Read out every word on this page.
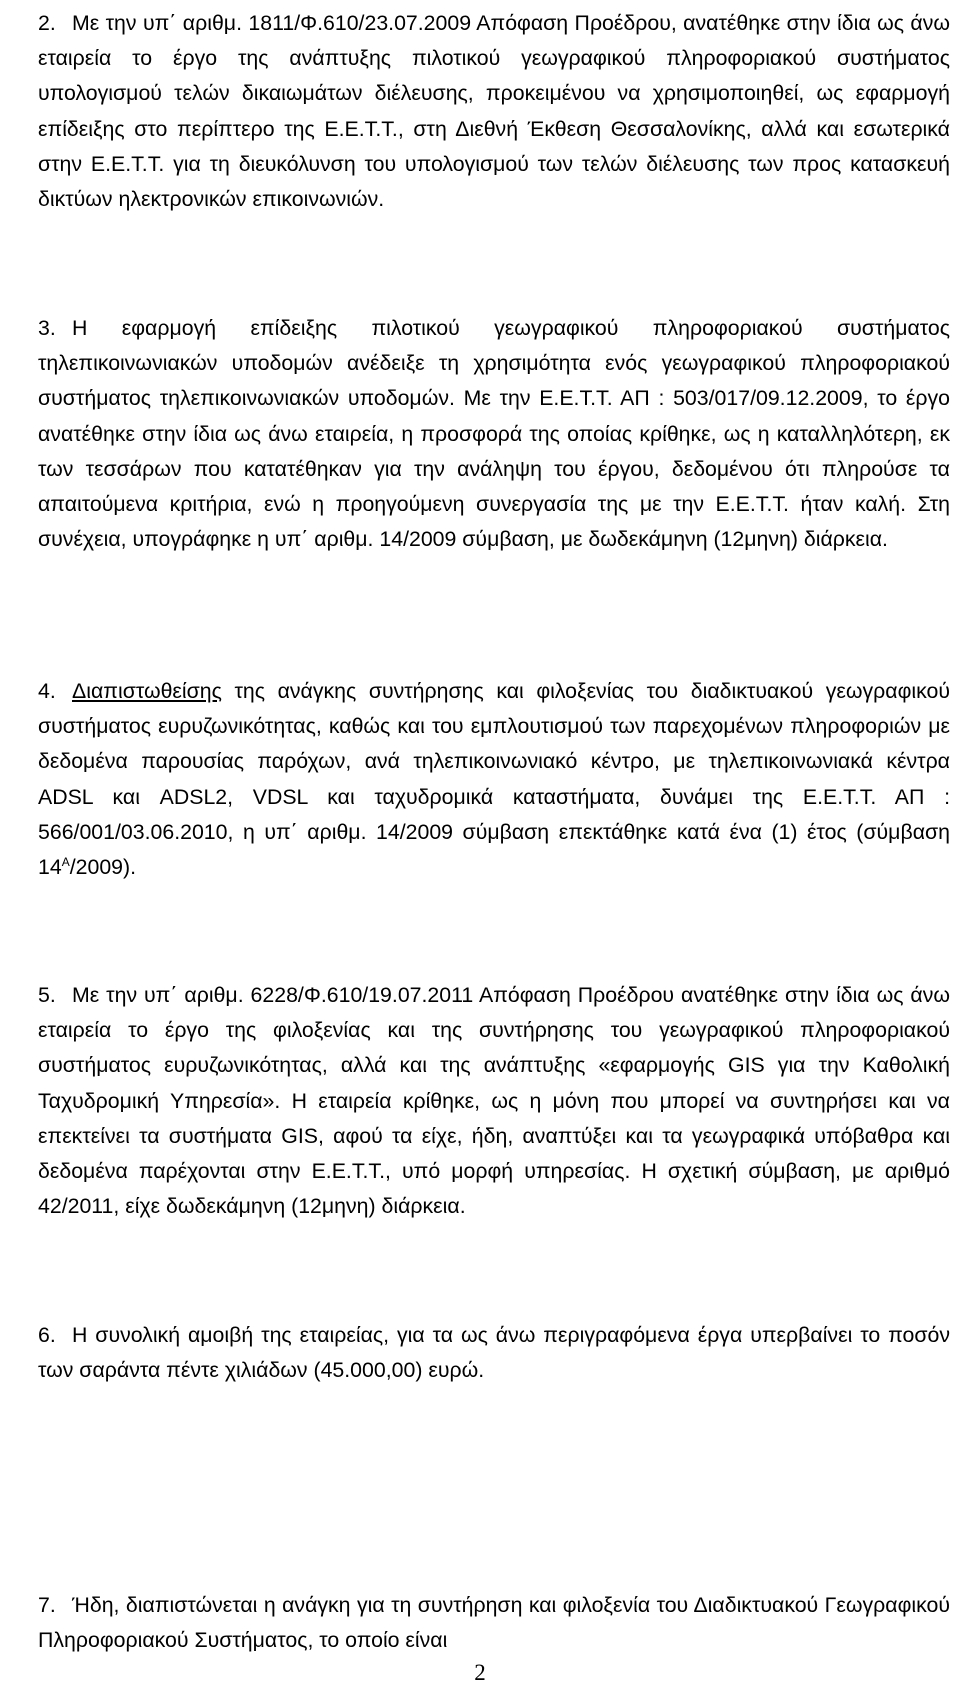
2. Με την υπ΄ αριθμ. 1811/Φ.610/23.07.2009 Απόφαση Προέδρου, ανατέθηκε στην ίδια ως άνω εταιρεία το έργο της ανάπτυξης πιλοτικού γεωγραφικού πληροφοριακού συστήματος υπολογισμού τελών δικαιωμάτων διέλευσης, προκειμένου να χρησιμοποιηθεί, ως εφαρμογή επίδειξης στο περίπτερο της Ε.Ε.Τ.Τ., στη Διεθνή Έκθεση Θεσσαλονίκης, αλλά και εσωτερικά στην Ε.Ε.Τ.Τ. για τη διευκόλυνση του υπολογισμού των τελών διέλευσης των προς κατασκευή δικτύων ηλεκτρονικών επικοινωνιών.

3. Η εφαρμογή επίδειξης πιλοτικού γεωγραφικού πληροφοριακού συστήματος τηλεπικοινωνιακών υποδομών ανέδειξε τη χρησιμότητα ενός γεωγραφικού πληροφοριακού συστήματος τηλεπικοινωνιακών υποδομών. Με την Ε.Ε.Τ.Τ. ΑΠ : 503/017/09.12.2009, το έργο ανατέθηκε στην ίδια ως άνω εταιρεία, η προσφορά της οποίας κρίθηκε, ως η καταλληλότερη, εκ των τεσσάρων που κατατέθηκαν για την ανάληψη του έργου, δεδομένου ότι πληρούσε τα απαιτούμενα κριτήρια, ενώ η προηγούμενη συνεργασία της με την Ε.Ε.Τ.Τ. ήταν καλή. Στη συνέχεια, υπογράφηκε η υπ΄ αριθμ. 14/2009 σύμβαση, με δωδεκάμηνη (12μηνη) διάρκεια.

4. Διαπιστωθείσης της ανάγκης συντήρησης και φιλοξενίας του διαδικτυακού γεωγραφικού συστήματος ευρυζωνικότητας, καθώς και του εμπλουτισμού των παρεχομένων πληροφοριών με δεδομένα παρουσίας παρόχων, ανά τηλεπικοινωνιακό κέντρο, με τηλεπικοινωνιακά κέντρα ADSL και ADSL2, VDSL και ταχυδρομικά καταστήματα, δυνάμει της Ε.Ε.Τ.Τ. ΑΠ : 566/001/03.06.2010, η υπ΄ αριθμ. 14/2009 σύμβαση επεκτάθηκε κατά ένα (1) έτος (σύμβαση $14^A/2009$).

5. Με την υπ΄ αριθμ. 6228/Φ.610/19.07.2011 Απόφαση Προέδρου ανατέθηκε στην ίδια ως άνω εταιρεία το έργο της φιλοξενίας και της συντήρησης του γεωγραφικού πληροφοριακού συστήματος ευρυζωνικότητας, αλλά και της ανάπτυξης «εφαρμογής GIS για την Καθολική Ταχυδρομική Υπηρεσία». Η εταιρεία κρίθηκε, ως η μόνη που μπορεί να συντηρήσει και να επεκτείνει τα συστήματα GIS, αφού τα είχε, ήδη, αναπτύξει και τα γεωγραφικά υπόβαθρα και δεδομένα παρέχονται στην Ε.Ε.Τ.Τ., υπό μορφή υπηρεσίας. Η σχετική σύμβαση, με αριθμό 42/2011, είχε δωδεκάμηνη (12μηνη) διάρκεια.

6. Η συνολική αμοιβή της εταιρείας, για τα ως άνω περιγραφόμενα έργα υπερβαίνει το ποσόν των σαράντα πέντε χιλιάδων (45.000,00) ευρώ.

7. Ήδη, διαπιστώνεται η ανάγκη για τη συντήρηση και φιλοξενία του Διαδικτυακού Γεωγραφικού Πληροφοριακού Συστήματος, το οποίο είναι

2
